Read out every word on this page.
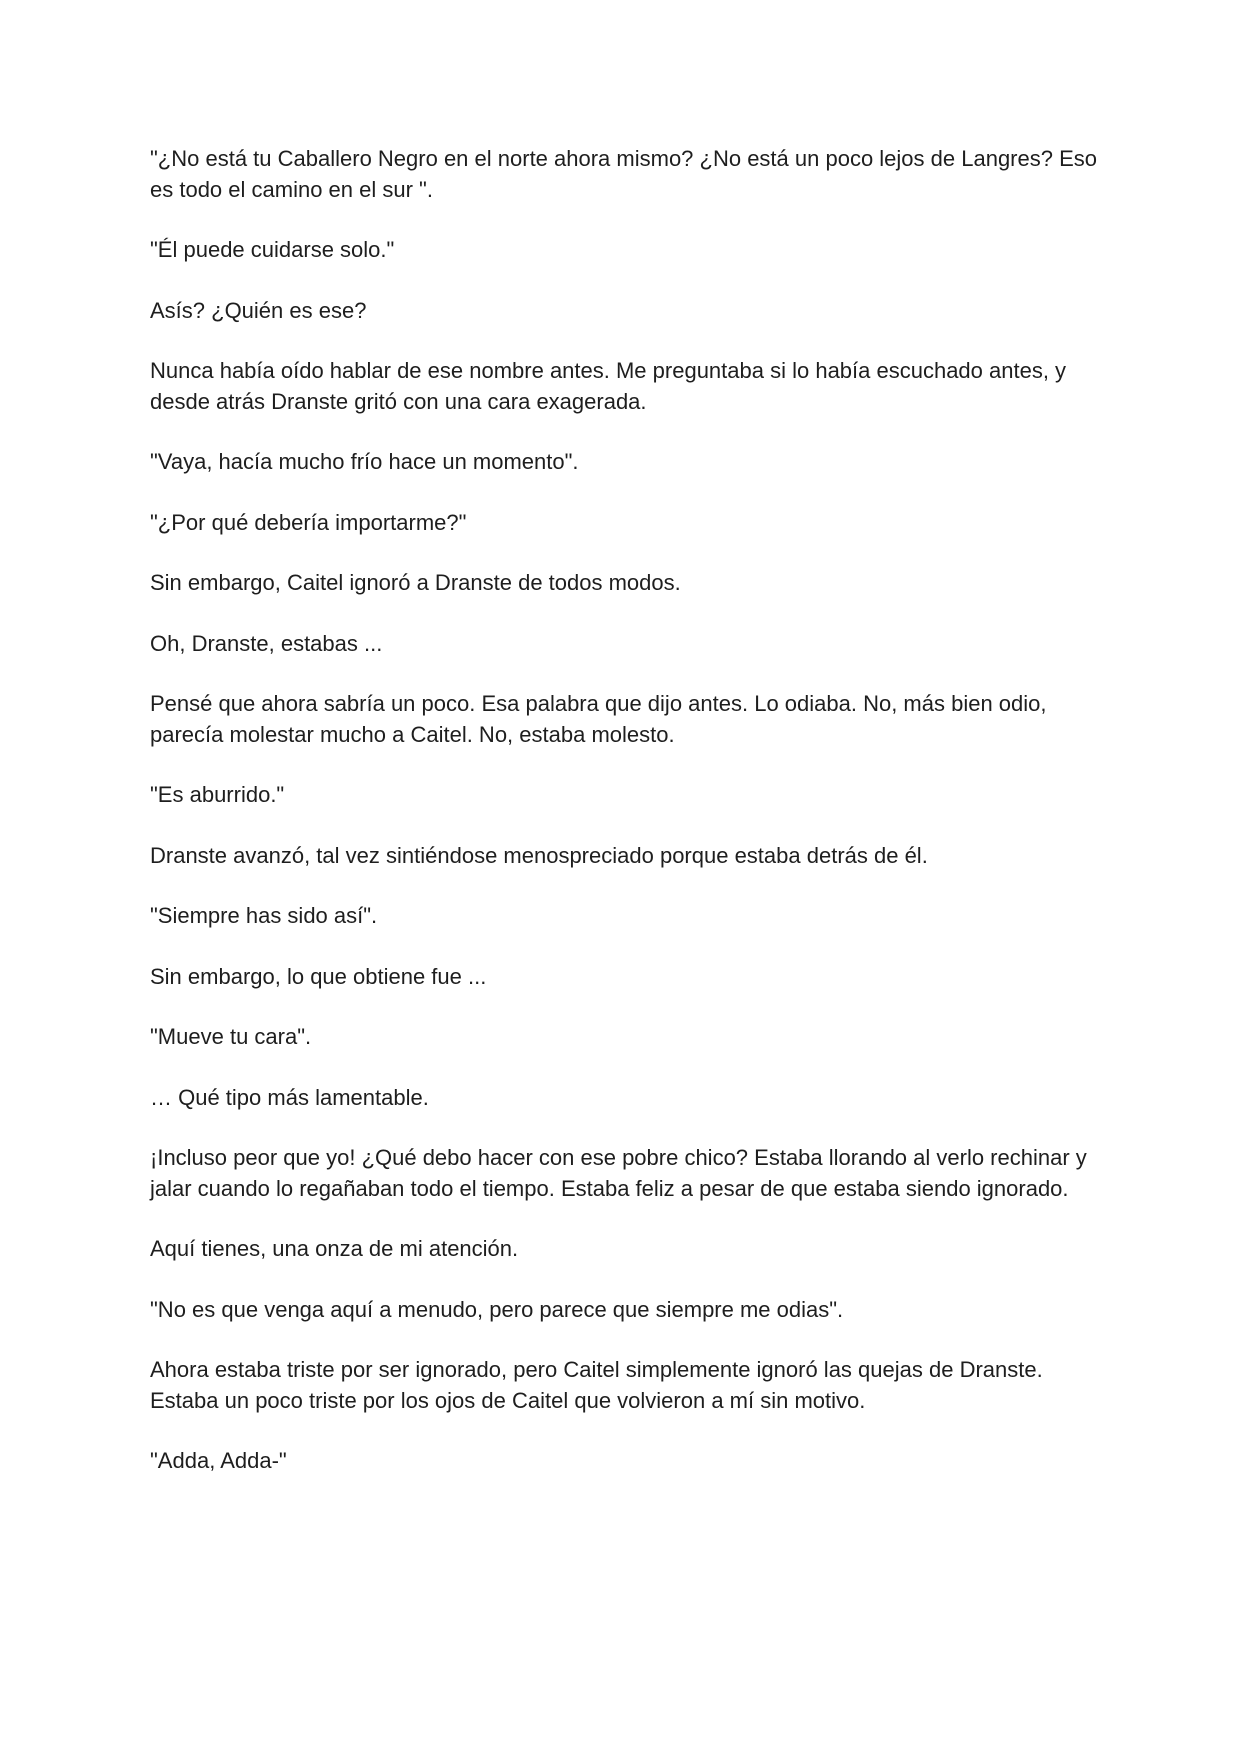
"¿No está tu Caballero Negro en el norte ahora mismo? ¿No está un poco lejos de Langres? Eso es todo el camino en el sur ".

"Él puede cuidarse solo."

Asís? ¿Quién es ese?

Nunca había oído hablar de ese nombre antes. Me preguntaba si lo había escuchado antes, y desde atrás Dranste gritó con una cara exagerada.

"Vaya, hacía mucho frío hace un momento".

"¿Por qué debería importarme?"

Sin embargo, Caitel ignoró a Dranste de todos modos.

Oh, Dranste, estabas ...

Pensé que ahora sabría un poco. Esa palabra que dijo antes. Lo odiaba. No, más bien odio, parecía molestar mucho a Caitel. No, estaba molesto.

"Es aburrido."

Dranste avanzó, tal vez sintiéndose menospreciado porque estaba detrás de él.

"Siempre has sido así".

Sin embargo, lo que obtiene fue ...

"Mueve tu cara".

… Qué tipo más lamentable.

¡Incluso peor que yo! ¿Qué debo hacer con ese pobre chico? Estaba llorando al verlo rechinar y jalar cuando lo regañaban todo el tiempo. Estaba feliz a pesar de que estaba siendo ignorado.

Aquí tienes, una onza de mi atención.

"No es que venga aquí a menudo, pero parece que siempre me odias".

Ahora estaba triste por ser ignorado, pero Caitel simplemente ignoró las quejas de Dranste. Estaba un poco triste por los ojos de Caitel que volvieron a mí sin motivo.

"Adda, Adda-"
